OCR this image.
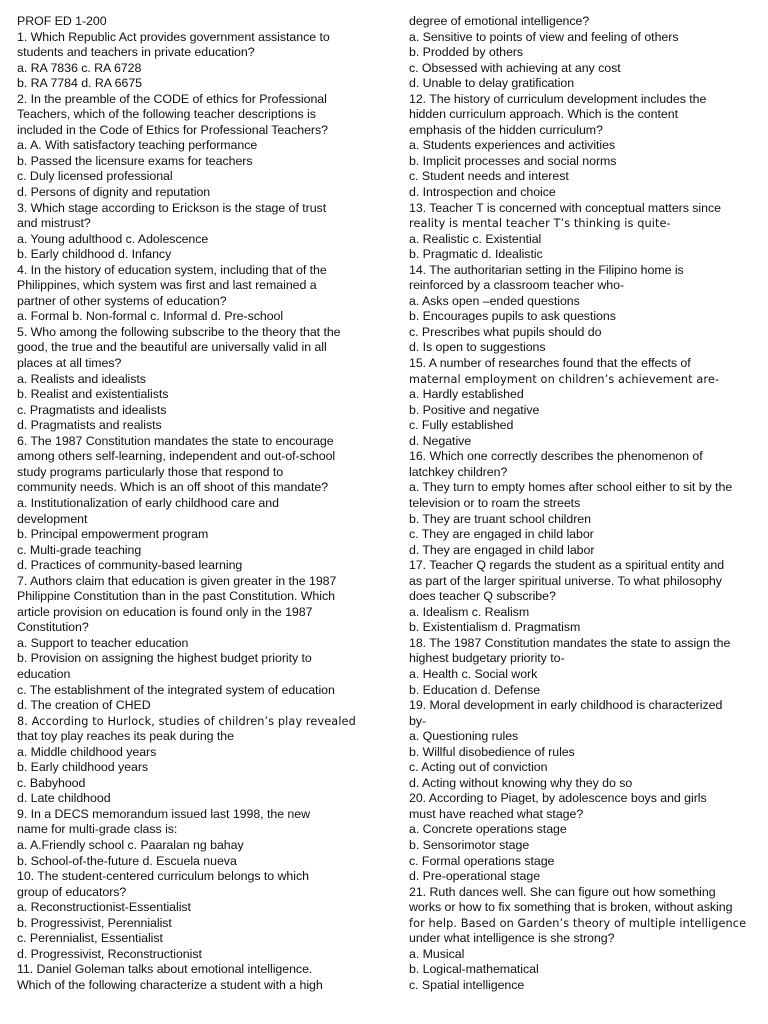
PROF ED 1-200
1. Which Republic Act provides government assistance to
students and teachers in private education?
a. RA 7836 c. RA 6728
b. RA 7784 d. RA 6675
2. In the preamble of the CODE of ethics for Professional
Teachers, which of the following teacher descriptions is
included in the Code of Ethics for Professional Teachers?
a. A. With satisfactory teaching performance
b. Passed the licensure exams for teachers
c. Duly licensed professional
d. Persons of dignity and reputation
3. Which stage according to Erickson is the stage of trust
and mistrust?
a. Young adulthood c. Adolescence
b. Early childhood d. Infancy
4. In the history of education system, including that of the
Philippines, which system was first and last remained a
partner of other systems of education?
a. Formal b. Non-formal c. Informal d. Pre-school
5. Who among the following subscribe to the theory that the
good, the true and the beautiful are universally valid in all
places at all times?
a. Realists and idealists
b. Realist and existentialists
c. Pragmatists and idealists
d. Pragmatists and realists
6. The 1987 Constitution mandates the state to encourage
among others self-learning, independent and out-of-school
study programs particularly those that respond to
community needs. Which is an off shoot of this mandate?
a. Institutionalization of early childhood care and
development
b. Principal empowerment program
c. Multi-grade teaching
d. Practices of community-based learning
7. Authors claim that education is given greater in the 1987
Philippine Constitution than in the past Constitution. Which
article provision on education is found only in the 1987
Constitution?
a. Support to teacher education
b. Provision on assigning the highest budget priority to
education
c. The establishment of the integrated system of education
d. The creation of CHED
8. According to Hurlock, studies of children’s play revealed
that toy play reaches its peak during the
a. Middle childhood years
b. Early childhood years
c. Babyhood
d. Late childhood
9. In a DECS memorandum issued last 1998, the new
name for multi-grade class is:
a. A.Friendly school c. Paaralan ng bahay
b. School-of-the-future d. Escuela nueva
10. The student-centered curriculum belongs to which
group of educators?
a. Reconstructionist-Essentialist
b. Progressivist, Perennialist
c. Perennialist, Essentialist
d. Progressivist, Reconstructionist
11. Daniel Goleman talks about emotional intelligence.
Which of the following characterize a student with a high
degree of emotional intelligence?
a. Sensitive to points of view and feeling of others
b. Prodded by others
c. Obsessed with achieving at any cost
d. Unable to delay gratification
12. The history of curriculum development includes the
hidden curriculum approach. Which is the content
emphasis of the hidden curriculum?
a. Students experiences and activities
b. Implicit processes and social norms
c. Student needs and interest
d. Introspection and choice
13. Teacher T is concerned with conceptual matters since
reality is mental teacher T’s thinking is quite-
a. Realistic c. Existential
b. Pragmatic d. Idealistic
14. The authoritarian setting in the Filipino home is
reinforced by a classroom teacher who-
a. Asks open –ended questions
b. Encourages pupils to ask questions
c. Prescribes what pupils should do
d. Is open to suggestions
15. A number of researches found that the effects of
maternal employment on children’s achievement are-
a. Hardly established
b. Positive and negative
c. Fully established
d. Negative
16. Which one correctly describes the phenomenon of
latchkey children?
a. They turn to empty homes after school either to sit by the
television or to roam the streets
b. They are truant school children
c. They are engaged in child labor
d. They are engaged in child labor
17. Teacher Q regards the student as a spiritual entity and
as part of the larger spiritual universe. To what philosophy
does teacher Q subscribe?
a. Idealism c. Realism
b. Existentialism d. Pragmatism
18. The 1987 Constitution mandates the state to assign the
highest budgetary priority to-
a. Health c. Social work
b. Education d. Defense
19. Moral development in early childhood is characterized
by-
a. Questioning rules
b. Willful disobedience of rules
c. Acting out of conviction
d. Acting without knowing why they do so
20. According to Piaget, by adolescence boys and girls
must have reached what stage?
a. Concrete operations stage
b. Sensorimotor stage
c. Formal operations stage
d. Pre-operational stage
21. Ruth dances well. She can figure out how something
works or how to fix something that is broken, without asking
for help. Based on Garden’s theory of multiple intelligence
under what intelligence is she strong?
a. Musical
b. Logical-mathematical
c. Spatial intelligence
